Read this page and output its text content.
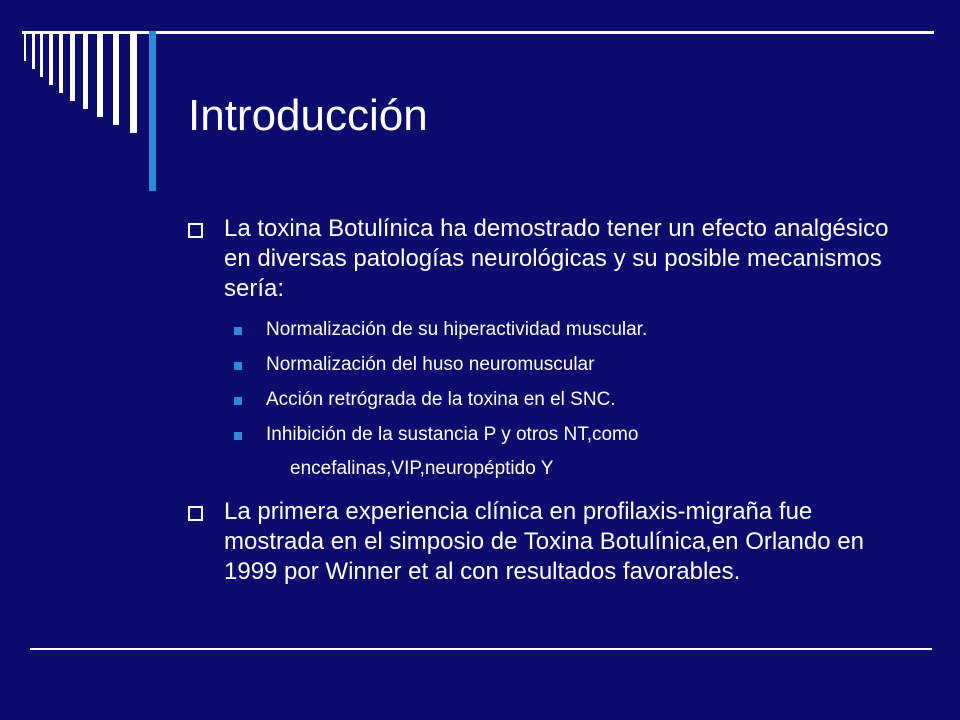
Introducción
La toxina Botulínica ha demostrado tener un efecto analgésico en diversas patologías neurológicas y su posible mecanismos sería:
Normalización de su hiperactividad muscular.
Normalización del huso neuromuscular
Acción retrógrada de la toxina en el SNC.
Inhibición de la sustancia P y otros NT,como
encefalinas,VIP,neuropéptido Y
La primera experiencia clínica en profilaxis-migraña fue mostrada en el simposio de Toxina Botulínica,en Orlando en 1999 por Winner et al con resultados favorables.
